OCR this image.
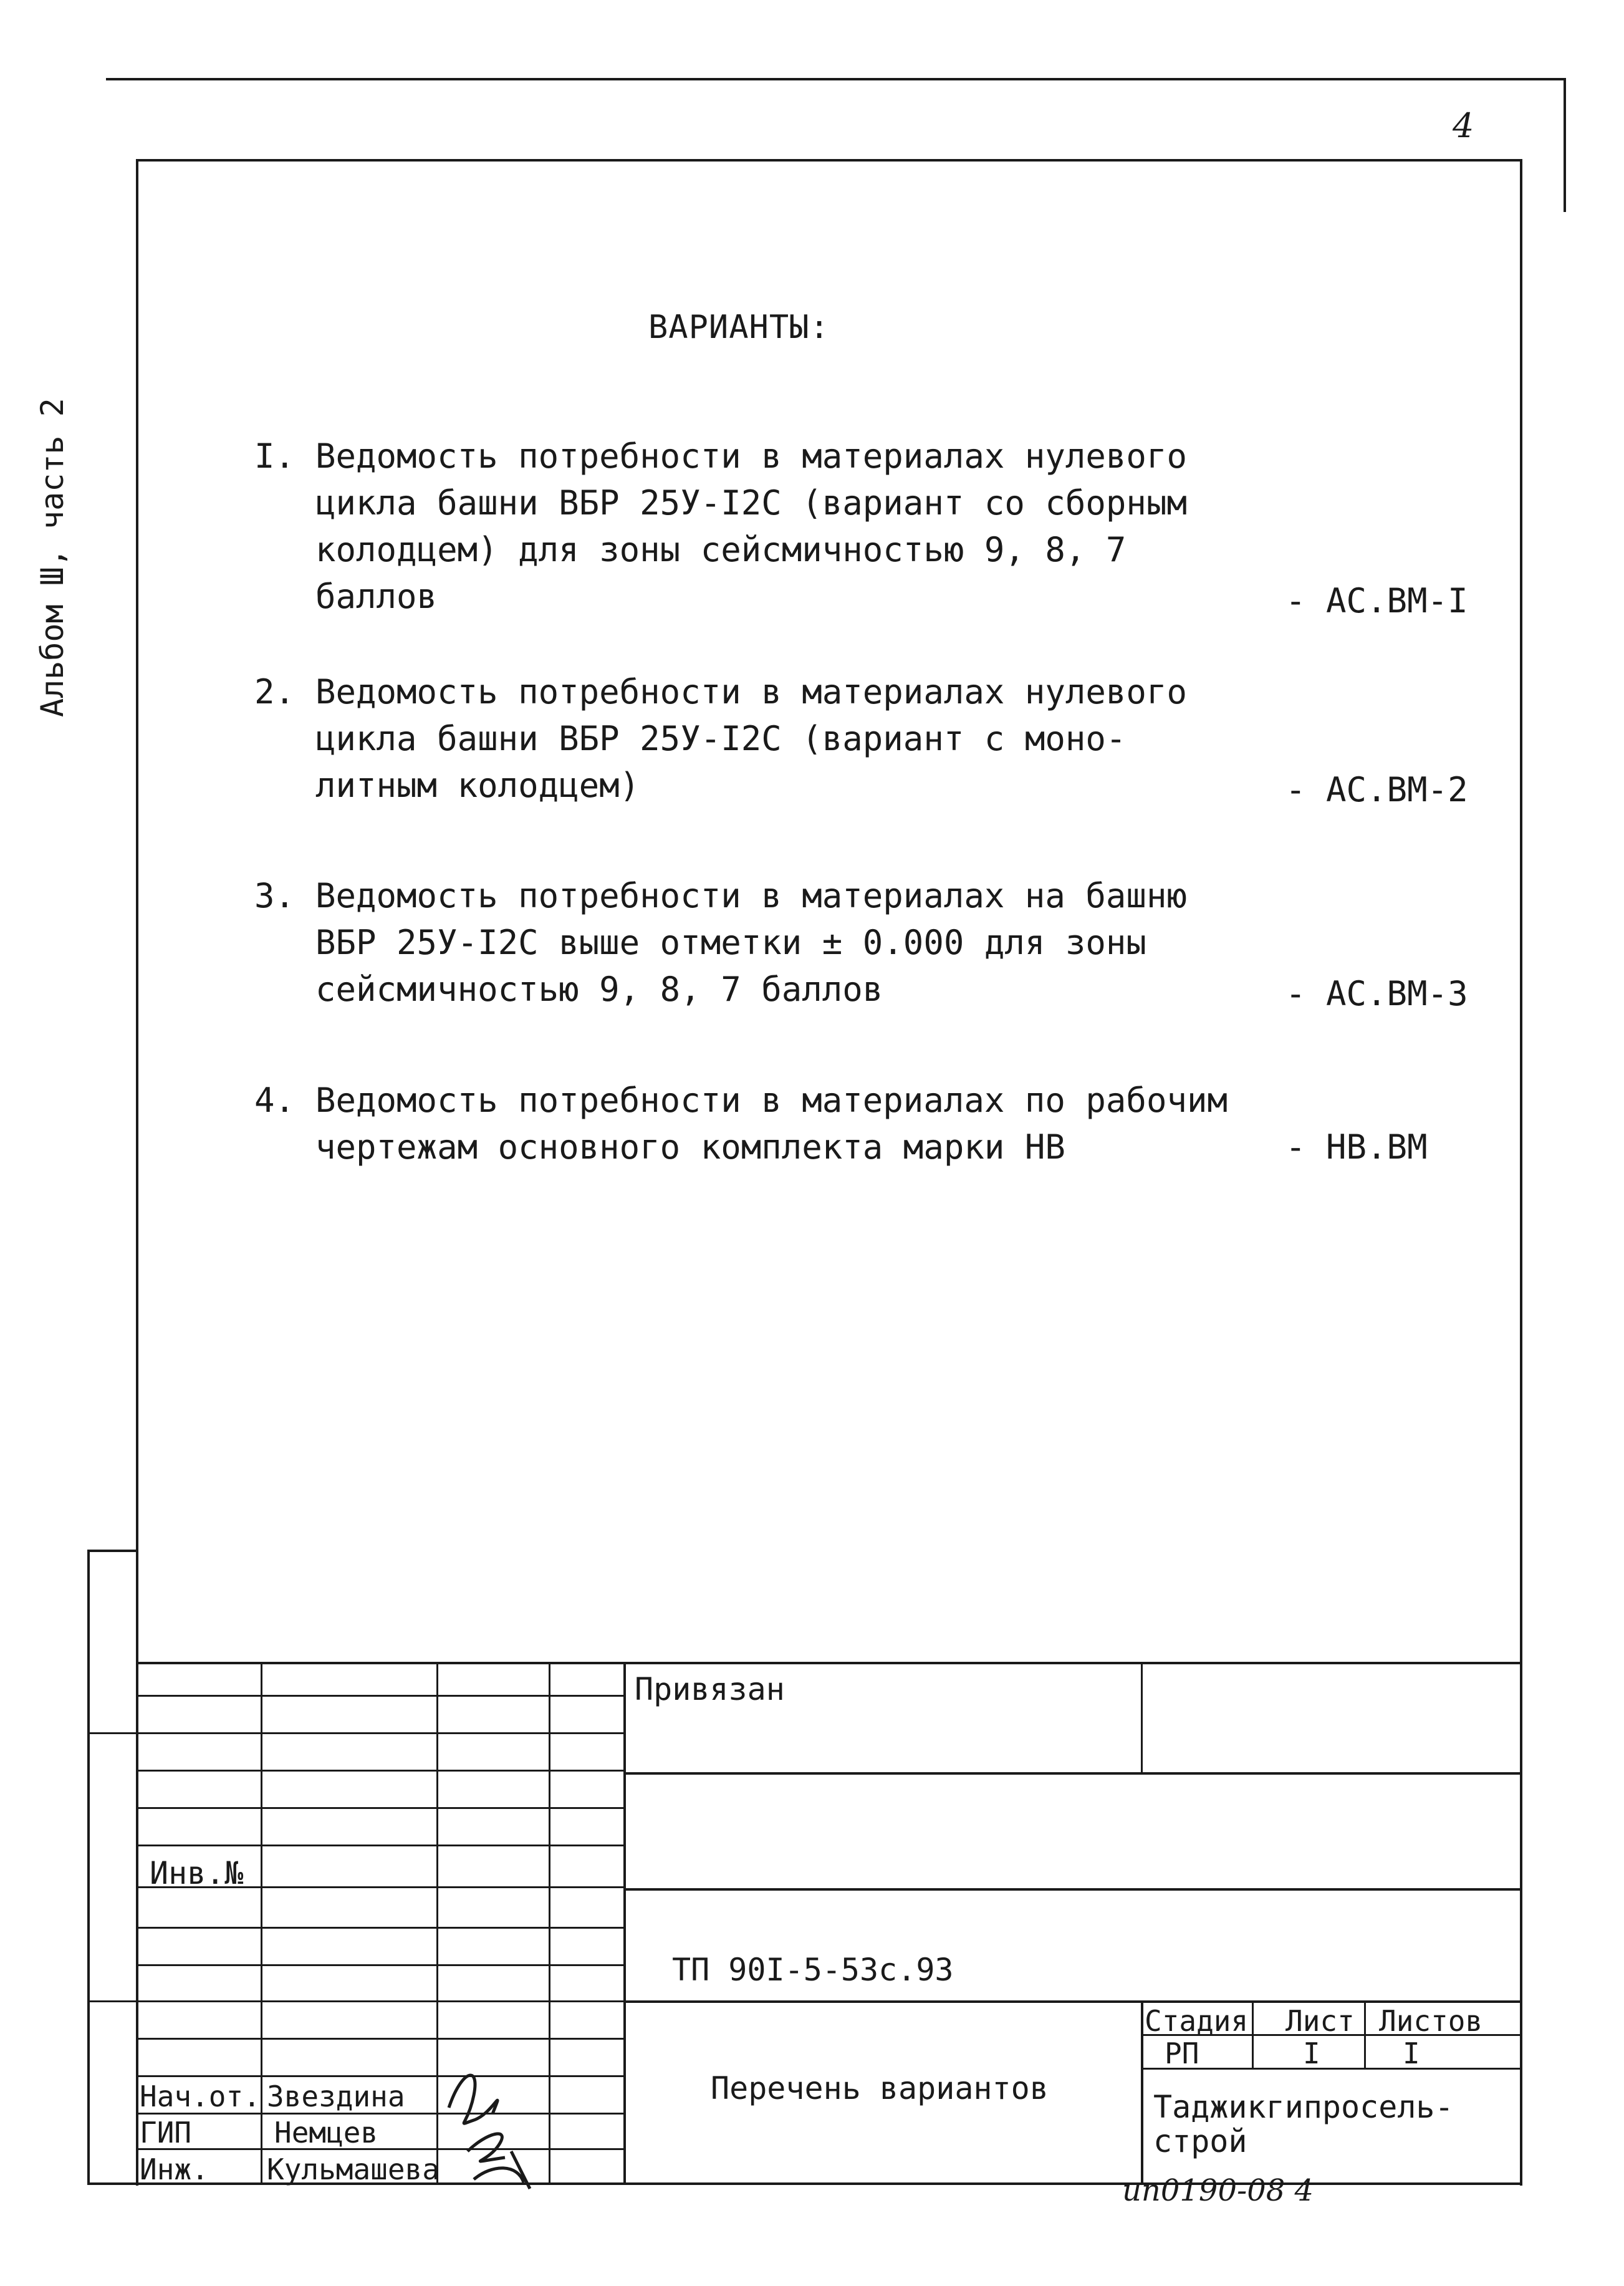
4
Альбом Ш, часть 2
ВАРИАНТЫ:
I. Ведомость потребности в материалах нулевого
цикла башни ВБР 25У-I2С (вариант со сборным
колодцем) для зоны сейсмичностью 9, 8, 7
баллов	- АС.ВМ-I
2. Ведомость потребности в материалах нулевого
цикла башни ВБР 25У-I2С (вариант с моно-
литным колодцем)	- АС.ВМ-2
3. Ведомость потребности в материалах на башню
ВБР 25У-I2С выше отметки ± 0.000 для зоны
сейсмичностью 9, 8, 7 баллов	- АС.ВМ-3
4. Ведомость потребности в материалах по рабочим
чертежам основного комплекта марки НВ	- НВ.ВМ
Привязан
Инв.№
ТП 90I-5-53с.93
Перечень вариантов
Стадия Лист Листов
РП	I	I
Таджикгипросель-
строй
Нач.от. Звездина
ГИП	Немцев
Инж. Кульмашева
ип0190-08 4
